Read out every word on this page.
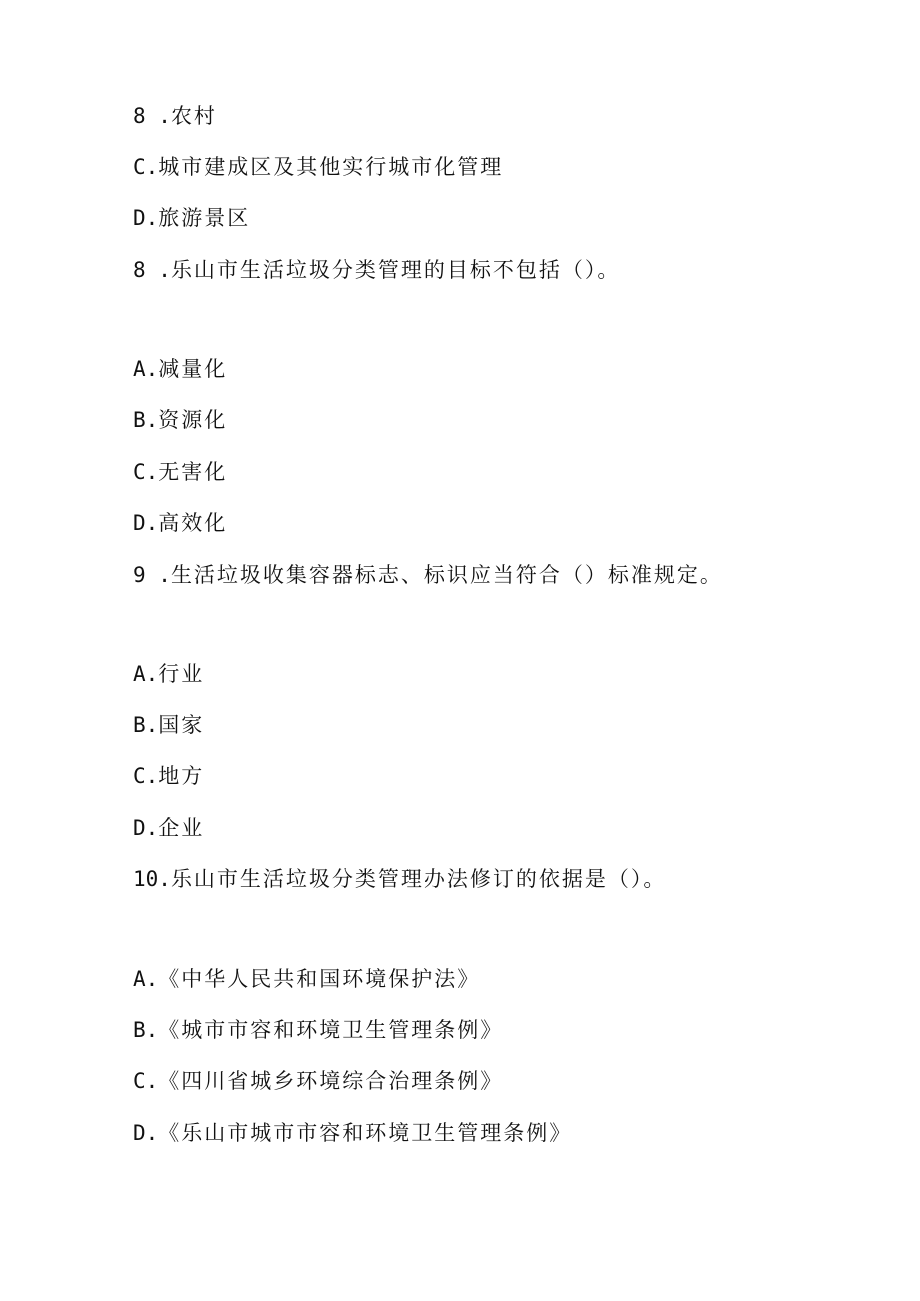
8 .农村
C.城市建成区及其他实行城市化管理
D.旅游景区
8 .乐山市生活垃圾分类管理的目标不包括（）。
A.减量化
B.资源化
C.无害化
D.高效化
9 .生活垃圾收集容器标志、标识应当符合（）标准规定。
A.行业
B.国家
C.地方
D.企业
10.乐山市生活垃圾分类管理办法修订的依据是（）。
A.《中华人民共和国环境保护法》
B.《城市市容和环境卫生管理条例》
C.《四川省城乡环境综合治理条例》
D.《乐山市城市市容和环境卫生管理条例》
